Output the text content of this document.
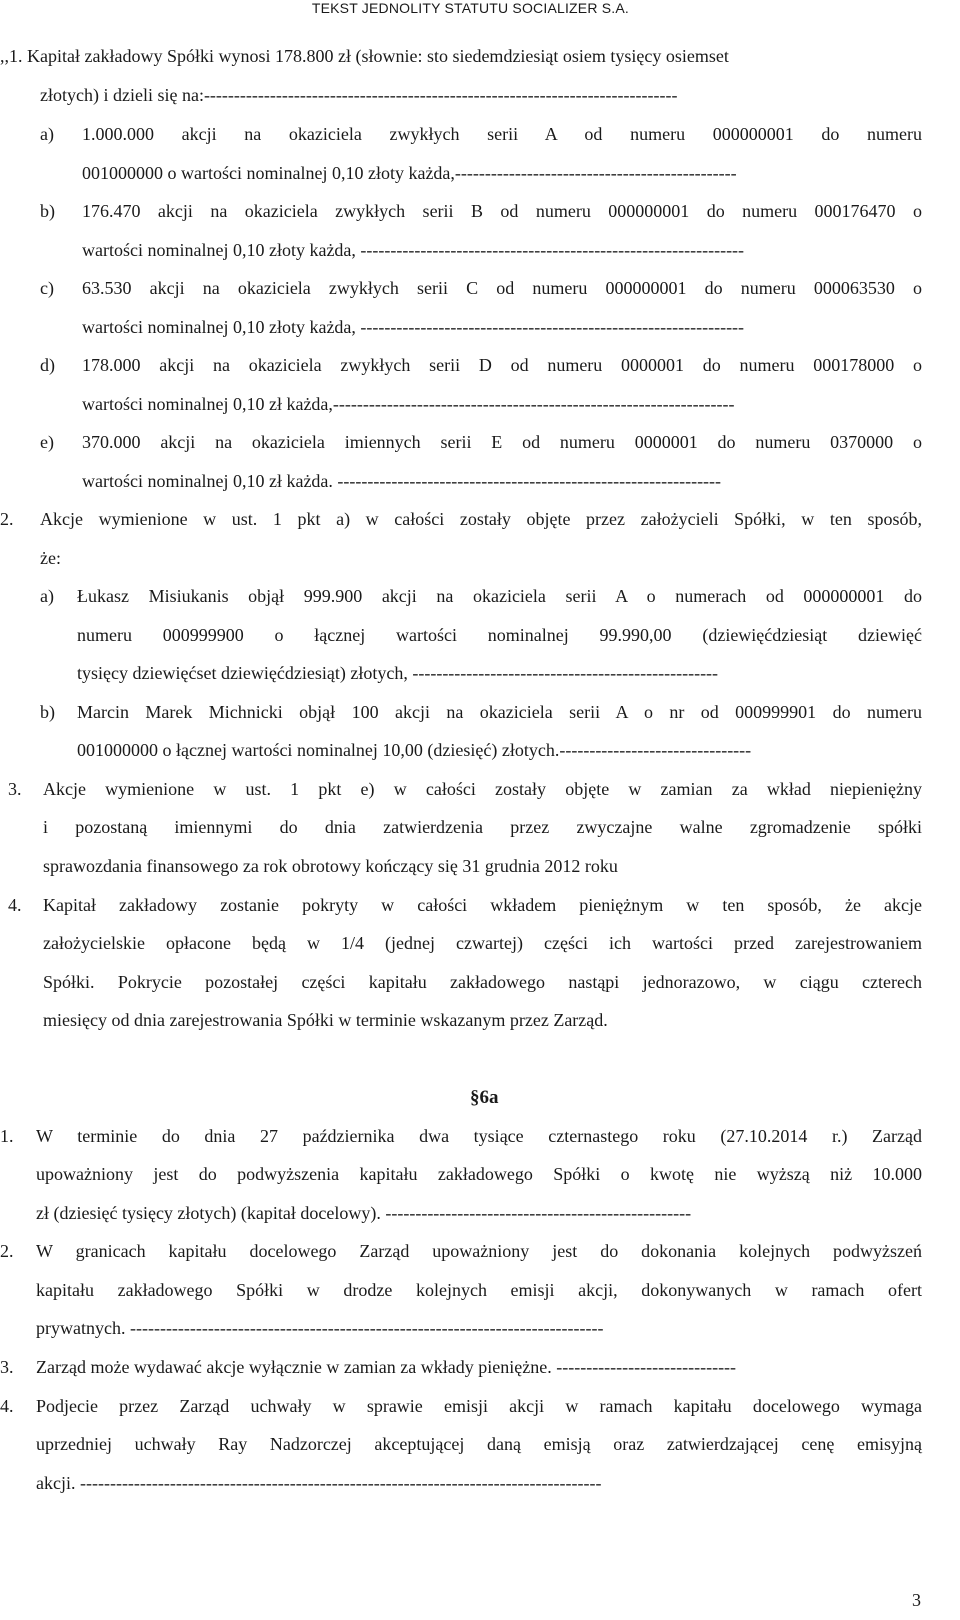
TEKST JEDNOLITY STATUTU SOCIALIZER S.A.
,,1. Kapitał zakładowy Spółki wynosi 178.800 zł (słownie: sto siedemdziesiąt osiem tysięcy osiemset
złotych) i dzieli się na:-------------------------------------------------------------------------------
a) 1.000.000 akcji na okaziciela zwykłych serii A od numeru 000000001 do numeru
001000000 o wartości nominalnej 0,10 złoty każda,-----------------------------------------------
b) 176.470 akcji na okaziciela zwykłych serii B od numeru 000000001 do numeru 000176470 o
wartości nominalnej 0,10 złoty każda, ----------------------------------------------------------------
c) 63.530 akcji na okaziciela zwykłych serii C od numeru 000000001 do numeru 000063530 o
wartości nominalnej 0,10 złoty każda, ----------------------------------------------------------------
d) 178.000 akcji na okaziciela zwykłych serii D od numeru 0000001 do numeru 000178000 o
wartości nominalnej 0,10 zł każda,-------------------------------------------------------------------
e) 370.000 akcji na okaziciela imiennych serii E od numeru 0000001 do numeru 0370000 o
wartości nominalnej 0,10 zł każda. ----------------------------------------------------------------
2. Akcje wymienione w ust. 1 pkt a) w całości zostały objęte przez założycieli Spółki, w ten sposób,
że:
a) Łukasz Misiukanis objął 999.900 akcji na okaziciela serii A o numerach od 000000001 do
numeru 000999900 o łącznej wartości nominalnej 99.990,00 (dziewięćdziesiąt dziewięć
tysięcy dziewięćset dziewięćdziesiąt) złotych, ---------------------------------------------------
b) Marcin Marek Michnicki objął 100 akcji na okaziciela serii A o nr od 000999901 do numeru
001000000 o łącznej wartości nominalnej 10,00 (dziesięć) złotych.--------------------------------
3. Akcje wymienione w ust. 1 pkt e) w całości zostały objęte w zamian za wkład niepieniężny
i pozostaną imiennymi do dnia zatwierdzenia przez zwyczajne walne zgromadzenie spółki
sprawozdania finansowego za rok obrotowy kończący się 31 grudnia 2012 roku
4. Kapitał zakładowy zostanie pokryty w całości wkładem pieniężnym w ten sposób, że akcje
założycielskie opłacone będą w 1/4 (jednej czwartej) części ich wartości przed zarejestrowaniem
Spółki. Pokrycie pozostałej części kapitału zakładowego nastąpi jednorazowo, w ciągu czterech
miesięcy od dnia zarejestrowania Spółki w terminie wskazanym przez Zarząd.
§6a
1. W terminie do dnia 27 października dwa tysiące czternastego roku (27.10.2014 r.) Zarząd
upoważniony jest do podwyższenia kapitału zakładowego Spółki o kwotę nie wyższą niż 10.000
zł (dziesięć tysięcy złotych) (kapitał docelowy). ---------------------------------------------------
2. W granicach kapitału docelowego Zarząd upoważniony jest do dokonania kolejnych podwyższeń
kapitału zakładowego Spółki w drodze kolejnych emisji akcji, dokonywanych w ramach ofert
prywatnych. -------------------------------------------------------------------------------
3. Zarząd może wydawać akcje wyłącznie w zamian za wkłady pieniężne. ------------------------------
4. Podjecie przez Zarząd uchwały w sprawie emisji akcji w ramach kapitału docelowego wymaga
uprzedniej uchwały Ray Nadzorczej akceptującej daną emisją oraz zatwierdzającej cenę emisyjną
akcji. ---------------------------------------------------------------------------------------
3
